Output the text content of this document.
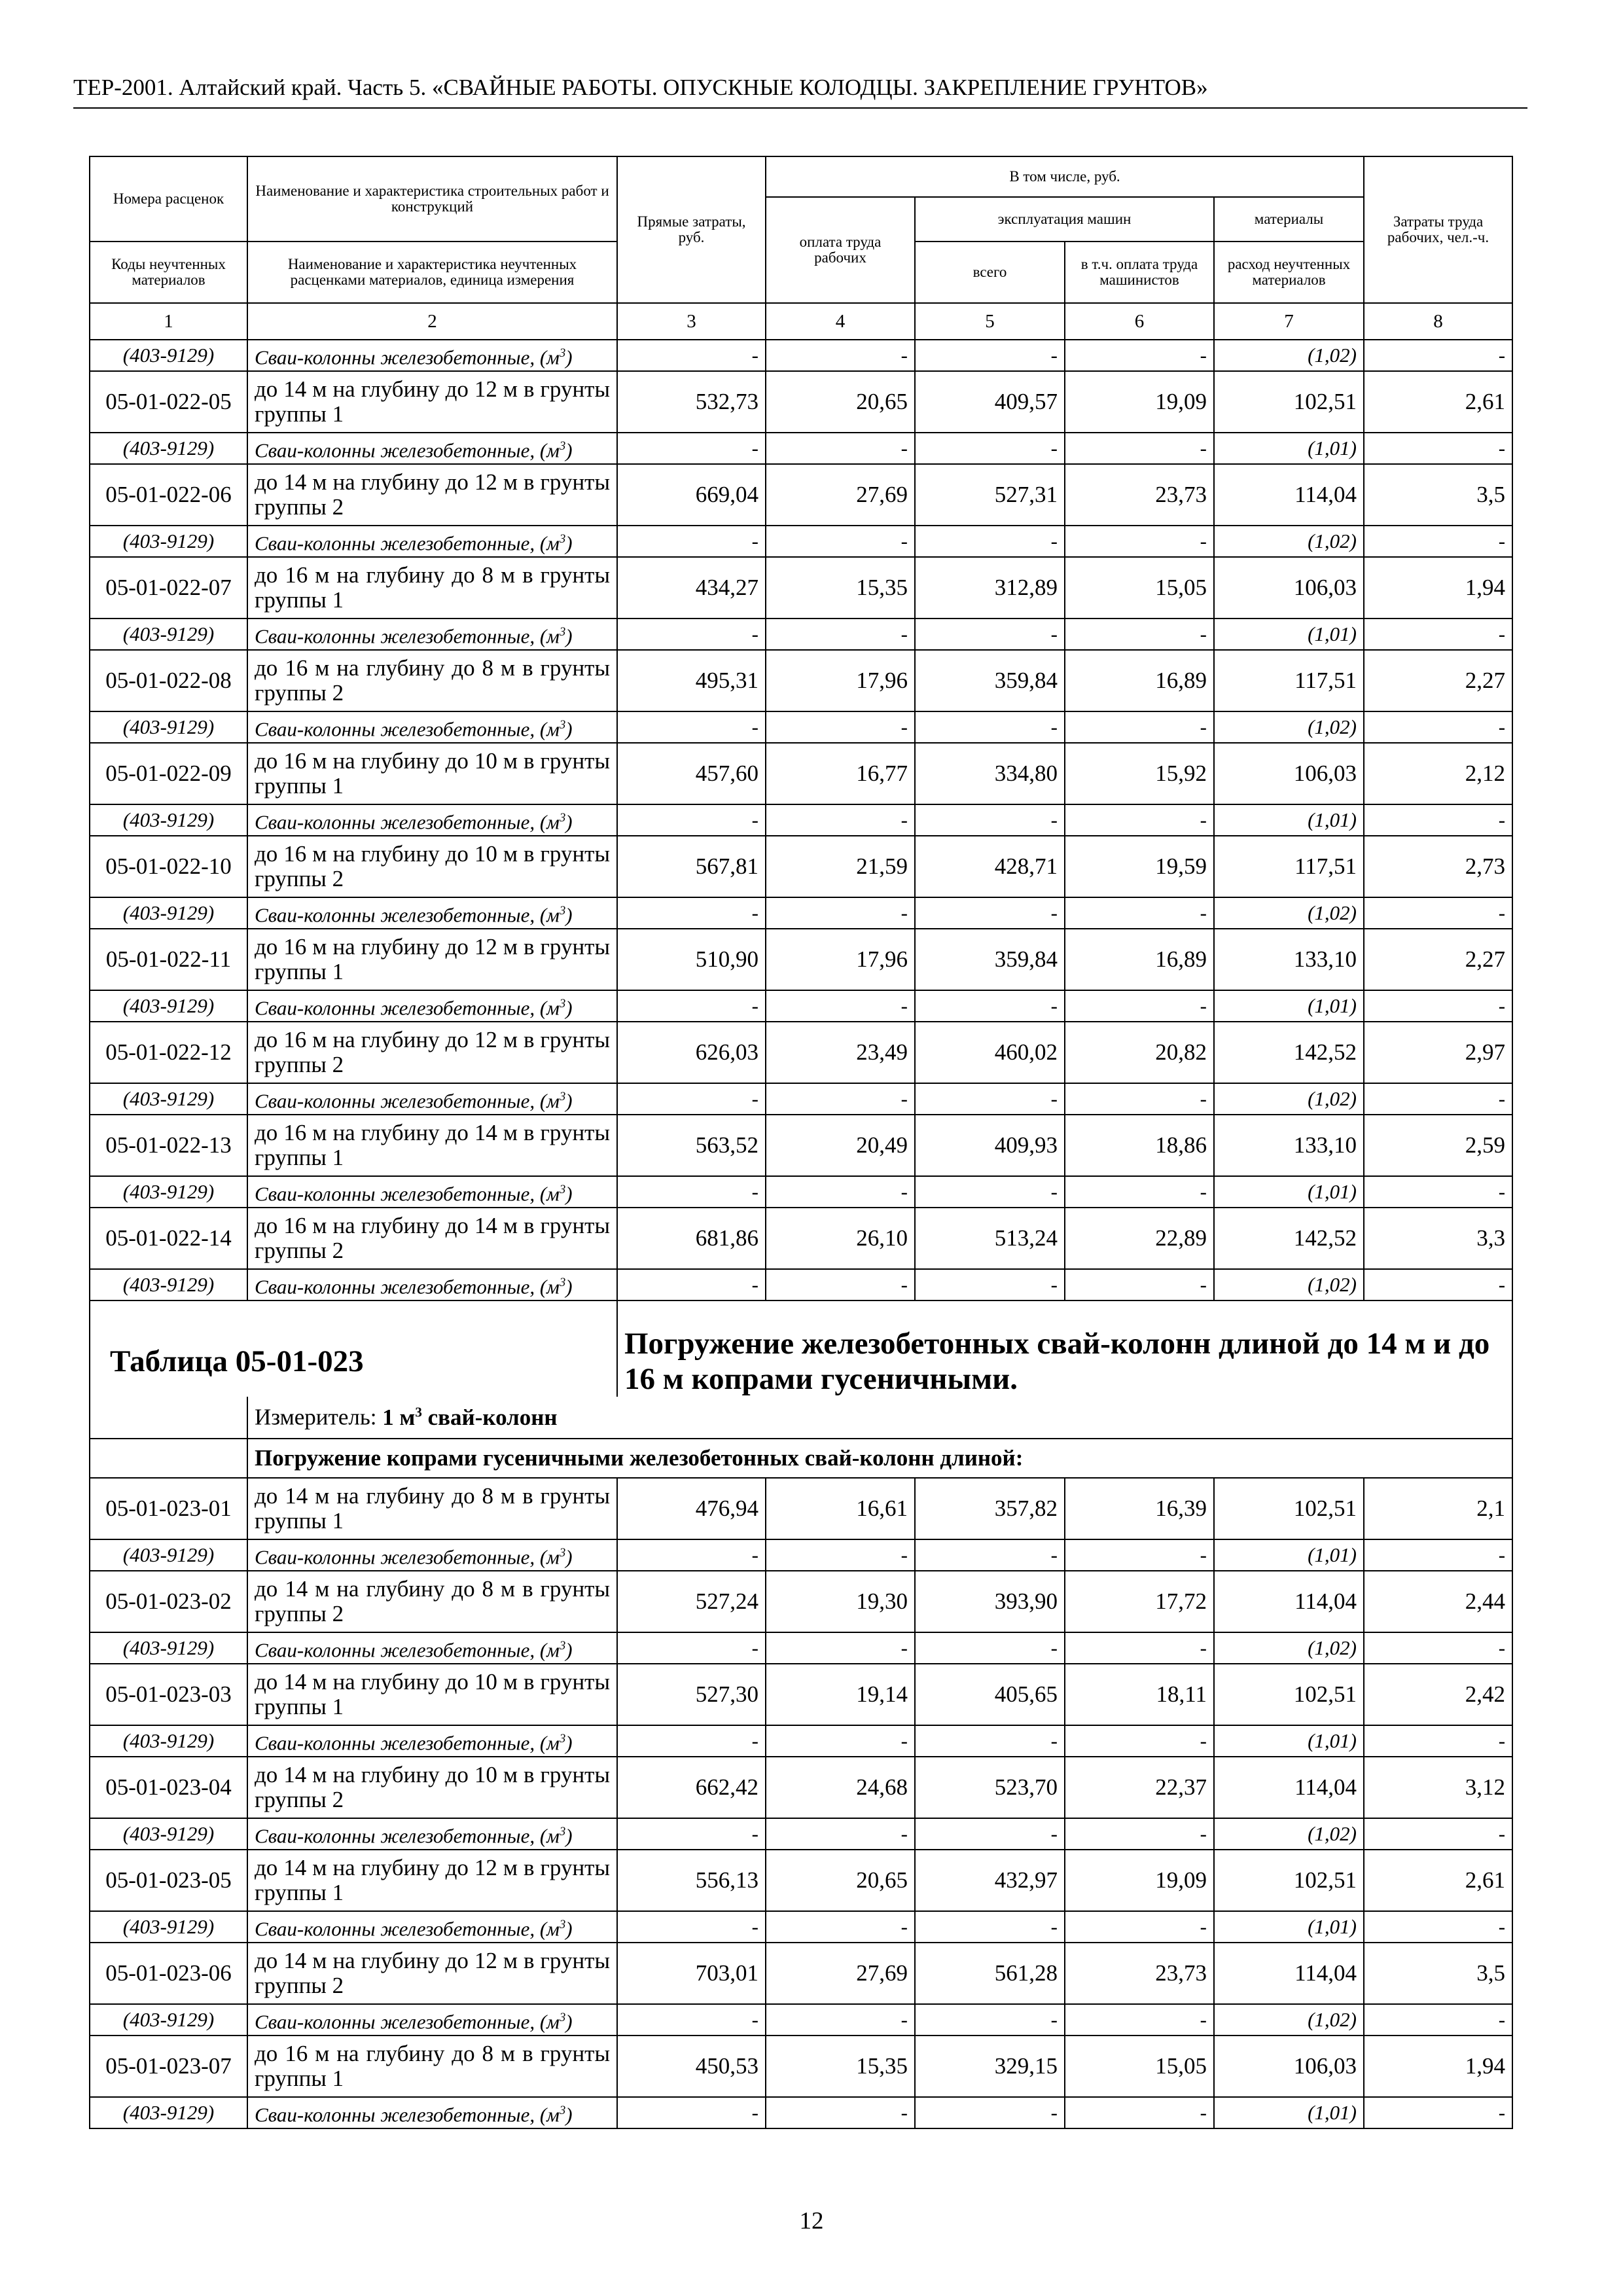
ТЕР-2001. Алтайский край. Часть 5. «СВАЙНЫЕ РАБОТЫ. ОПУСКНЫЕ КОЛОДЦЫ. ЗАКРЕПЛЕНИЕ ГРУНТОВ»
Номера расценок	Наименование и характеристика строительных работ и конструкций	Прямые затраты, руб.	В том числе, руб.				Затраты труда рабочих, чел.-ч.
			оплата труда рабочих	эксплуатация машин		материалы	
Коды неучтенных материалов	Наименование и характеристика неучтенных расценками материалов, единица измерения			всего	в т.ч. оплата труда машинистов	расход неучтенных материалов	
1	2	3	4	5	6	7	8
(403-9129)	Сваи-колонны железобетонные, $(м^3)$	-	-	-	-	(1,02)	-
05-01-022-05	до 14 м на глубину до 12 м в грунты группы 1	532,73	20,65	409,57	19,09	102,51	2,61
(403-9129)	Сваи-колонны железобетонные, $(м^3)$	-	-	-	-	(1,01)	-
05-01-022-06	до 14 м на глубину до 12 м в грунты группы 2	669,04	27,69	527,31	23,73	114,04	3,5
(403-9129)	Сваи-колонны железобетонные, $(м^3)$	-	-	-	-	(1,02)	-
05-01-022-07	до 16 м на глубину до 8 м в грунты группы 1	434,27	15,35	312,89	15,05	106,03	1,94
(403-9129)	Сваи-колонны железобетонные, $(м^3)$	-	-	-	-	(1,01)	-
05-01-022-08	до 16 м на глубину до 8 м в грунты группы 2	495,31	17,96	359,84	16,89	117,51	2,27
(403-9129)	Сваи-колонны железобетонные, $(м^3)$	-	-	-	-	(1,02)	-
05-01-022-09	до 16 м на глубину до 10 м в грунты группы 1	457,60	16,77	334,80	15,92	106,03	2,12
(403-9129)	Сваи-колонны железобетонные, $(м^3)$	-	-	-	-	(1,01)	-
05-01-022-10	до 16 м на глубину до 10 м в грунты группы 2	567,81	21,59	428,71	19,59	117,51	2,73
(403-9129)	Сваи-колонны железобетонные, $(м^3)$	-	-	-	-	(1,02)	-
05-01-022-11	до 16 м на глубину до 12 м в грунты группы 1	510,90	17,96	359,84	16,89	133,10	2,27
(403-9129)	Сваи-колонны железобетонные, $(м^3)$	-	-	-	-	(1,01)	-
05-01-022-12	до 16 м на глубину до 12 м в грунты группы 2	626,03	23,49	460,02	20,82	142,52	2,97
(403-9129)	Сваи-колонны железобетонные, $(м^3)$	-	-	-	-	(1,02)	-
05-01-022-13	до 16 м на глубину до 14 м в грунты группы 1	563,52	20,49	409,93	18,86	133,10	2,59
(403-9129)	Сваи-колонны железобетонные, $(м^3)$	-	-	-	-	(1,01)	-
05-01-022-14	до 16 м на глубину до 14 м в грунты группы 2	681,86	26,10	513,24	22,89	142,52	3,3
(403-9129)	Сваи-колонны железобетонные, $(м^3)$	-	-	-	-	(1,02)	-

Таблица 05-01-023		Погружение железобетонных свай-колонн длиной до 14 м и до 16 м копрами гусеничными.					

	Измеритель: 1 $м^3$ свай-колонн						
	Погружение копрами гусеничными железобетонных свай-колонн длиной:						
05-01-023-01	до 14 м на глубину до 8 м в грунты группы 1	476,94	16,61	357,82	16,39	102,51	2,1
(403-9129)	Сваи-колонны железобетонные, $(м^3)$	-	-	-	-	(1,01)	-
05-01-023-02	до 14 м на глубину до 8 м в грунты группы 2	527,24	19,30	393,90	17,72	114,04	2,44
(403-9129)	Сваи-колонны железобетонные, $(м^3)$	-	-	-	-	(1,02)	-
05-01-023-03	до 14 м на глубину до 10 м в грунты группы 1	527,30	19,14	405,65	18,11	102,51	2,42
(403-9129)	Сваи-колонны железобетонные, $(м^3)$	-	-	-	-	(1,01)	-
05-01-023-04	до 14 м на глубину до 10 м в грунты группы 2	662,42	24,68	523,70	22,37	114,04	3,12
(403-9129)	Сваи-колонны железобетонные, $(м^3)$	-	-	-	-	(1,02)	-
05-01-023-05	до 14 м на глубину до 12 м в грунты группы 1	556,13	20,65	432,97	19,09	102,51	2,61
(403-9129)	Сваи-колонны железобетонные, $(м^3)$	-	-	-	-	(1,01)	-
05-01-023-06	до 14 м на глубину до 12 м в грунты группы 2	703,01	27,69	561,28	23,73	114,04	3,5
(403-9129)	Сваи-колонны железобетонные, $(м^3)$	-	-	-	-	(1,02)	-
05-01-023-07	до 16 м на глубину до 8 м в грунты группы 1	450,53	15,35	329,15	15,05	106,03	1,94
(403-9129)	Сваи-колонны железобетонные, $(м^3)$	-	-	-	-	(1,01)	-
12
